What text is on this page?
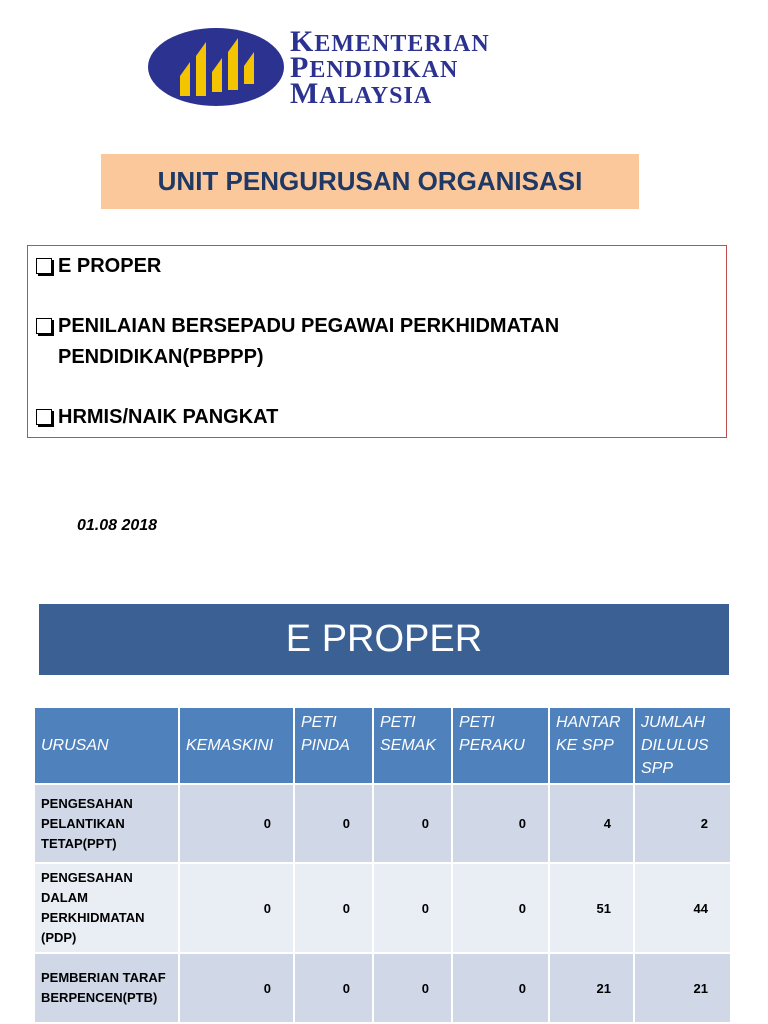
KEMENTERIAN
PENDIDIKAN
MALAYSIA
UNIT PENGURUSAN ORGANISASI
E PROPER
PENILAIAN BERSEPADU PEGAWAI PERKHIDMATAN PENDIDIKAN(PBPPP)
HRMIS/NAIK PANGKAT
01.08 2018
E PROPER
URUSAN	KEMASKINI	PETI PINDA	PETI SEMAK	PETI PERAKU	HANTAR KE SPP	JUMLAH DILULUS SPP
PENGESAHAN PELANTIKAN TETAP(PPT)	0	0	0	0	4	2
PENGESAHAN DALAM PERKHIDMATAN (PDP)	0	0	0	0	51	44
PEMBERIAN TARAF BERPENCEN(PTB)	0	0	0	0	21	21
